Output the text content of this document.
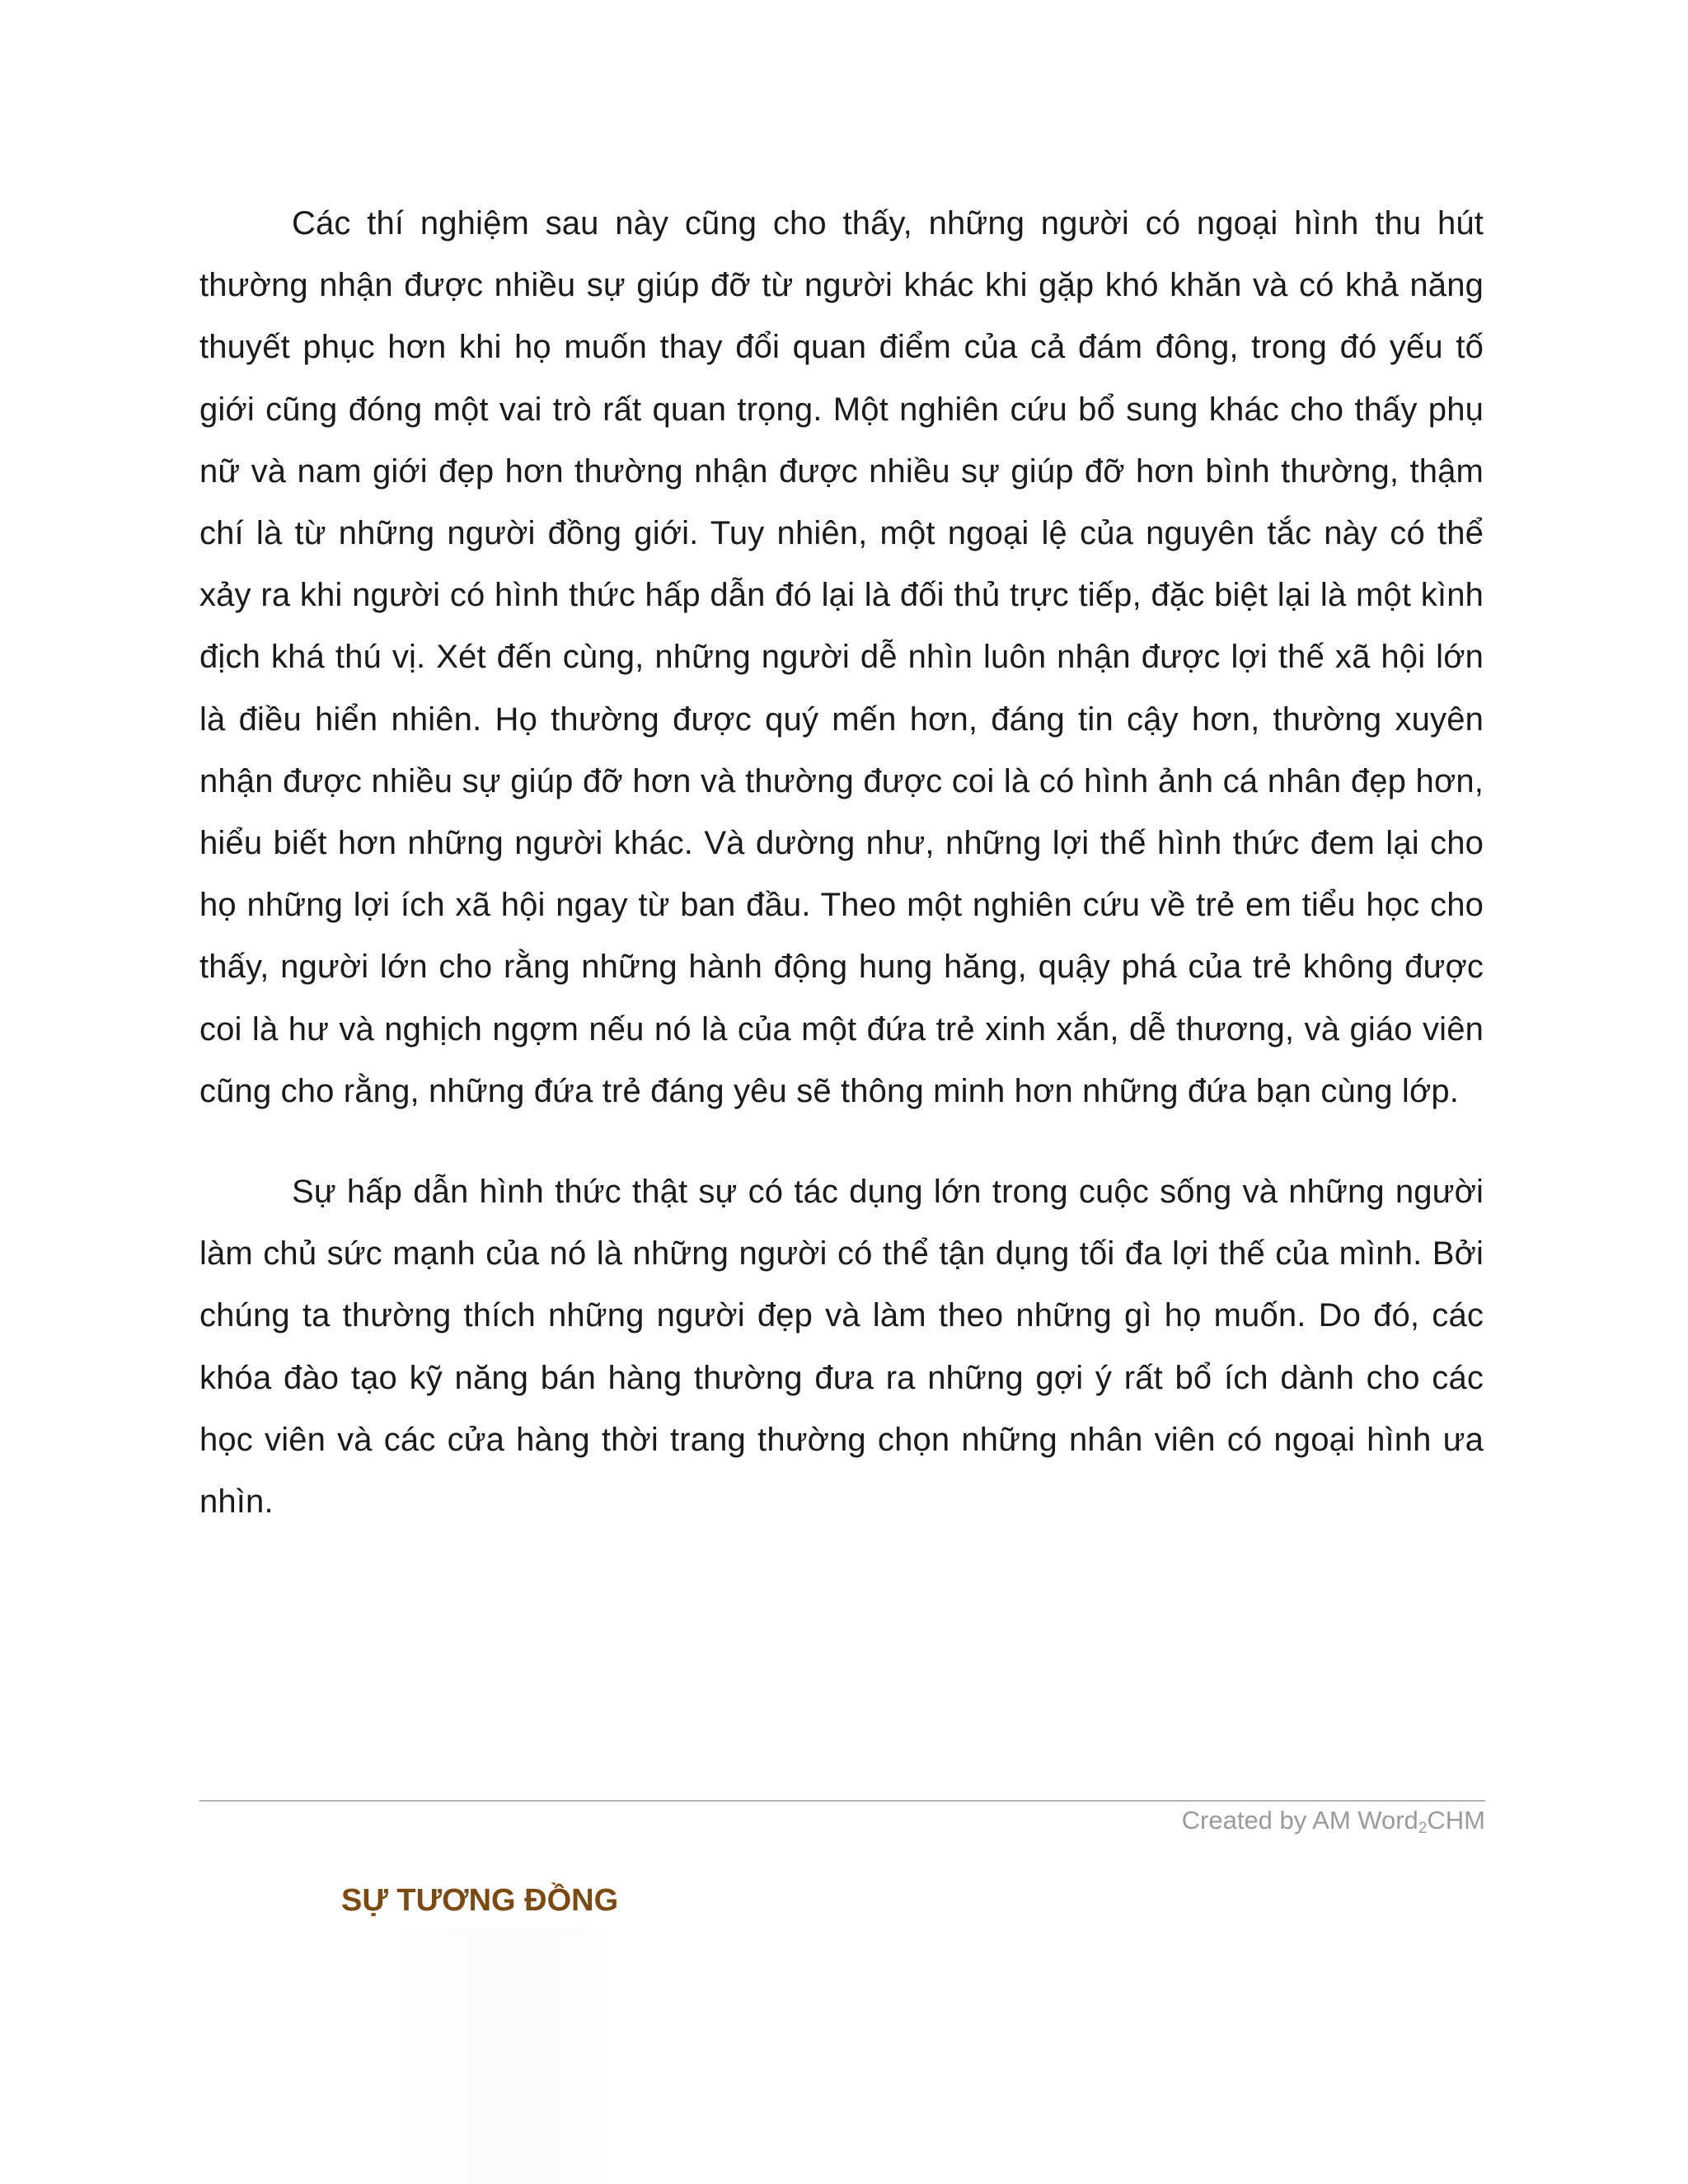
Các thí nghiệm sau này cũng cho thấy, những người có ngoại hình thu hút thường nhận được nhiều sự giúp đỡ từ người khác khi gặp khó khăn và có khả năng thuyết phục hơn khi họ muốn thay đổi quan điểm của cả đám đông, trong đó yếu tố giới cũng đóng một vai trò rất quan trọng. Một nghiên cứu bổ sung khác cho thấy phụ nữ và nam giới đẹp hơn thường nhận được nhiều sự giúp đỡ hơn bình thường, thậm chí là từ những người đồng giới. Tuy nhiên, một ngoại lệ của nguyên tắc này có thể xảy ra khi người có hình thức hấp dẫn đó lại là đối thủ trực tiếp, đặc biệt lại là một kình địch khá thú vị. Xét đến cùng, những người dễ nhìn luôn nhận được lợi thế xã hội lớn là điều hiển nhiên. Họ thường được quý mến hơn, đáng tin cậy hơn, thường xuyên nhận được nhiều sự giúp đỡ hơn và thường được coi là có hình ảnh cá nhân đẹp hơn, hiểu biết hơn những người khác. Và dường như, những lợi thế hình thức đem lại cho họ những lợi ích xã hội ngay từ ban đầu. Theo một nghiên cứu về trẻ em tiểu học cho thấy, người lớn cho rằng những hành động hung hăng, quậy phá của trẻ không được coi là hư và nghịch ngợm nếu nó là của một đứa trẻ xinh xắn, dễ thương, và giáo viên cũng cho rằng, những đứa trẻ đáng yêu sẽ thông minh hơn những đứa bạn cùng lớp.

Sự hấp dẫn hình thức thật sự có tác dụng lớn trong cuộc sống và những người làm chủ sức mạnh của nó là những người có thể tận dụng tối đa lợi thế của mình. Bởi chúng ta thường thích những người đẹp và làm theo những gì họ muốn. Do đó, các khóa đào tạo kỹ năng bán hàng thường đưa ra những gợi ý rất bổ ích dành cho các học viên và các cửa hàng thời trang thường chọn những nhân viên có ngoại hình ưa nhìn.

Created by AM Word$_2$CHM
SỰ TƯƠNG ĐỒNG
